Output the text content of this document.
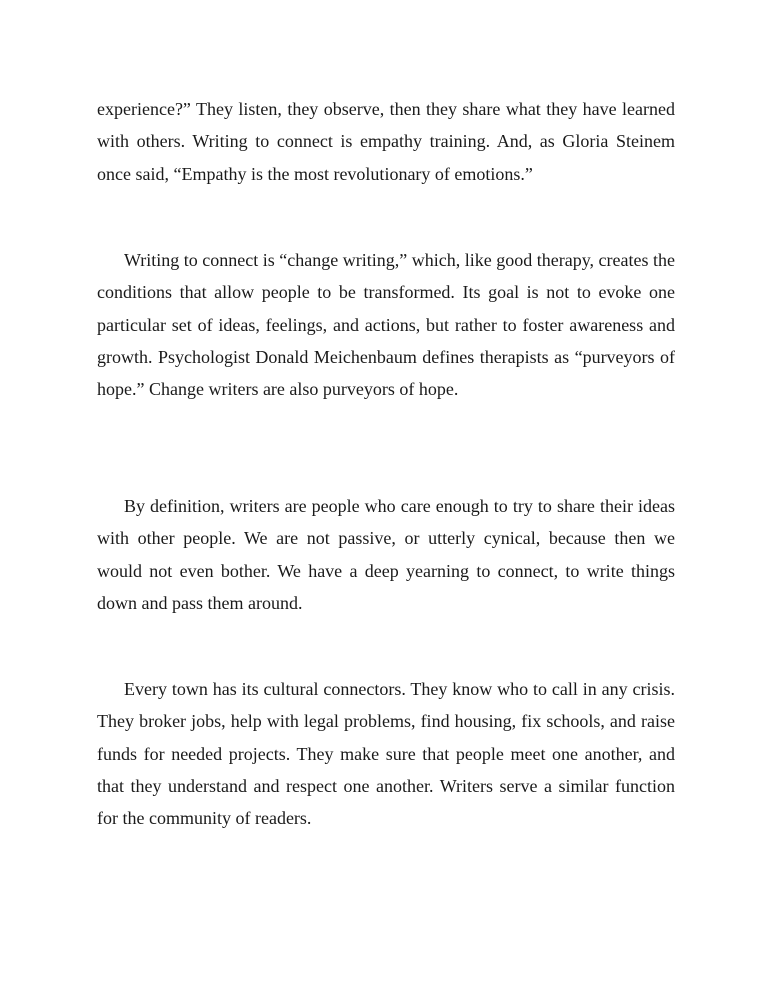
experience?” They listen, they observe, then they share what they have learned with others. Writing to connect is empathy training. And, as Gloria Steinem once said, “Empathy is the most revolutionary of emotions.”

Writing to connect is “change writing,” which, like good therapy, creates the conditions that allow people to be transformed. Its goal is not to evoke one particular set of ideas, feelings, and actions, but rather to foster awareness and growth. Psychologist Donald Meichenbaum defines therapists as “purveyors of hope.” Change writers are also purveyors of hope.

By definition, writers are people who care enough to try to share their ideas with other people. We are not passive, or utterly cynical, because then we would not even bother. We have a deep yearning to connect, to write things down and pass them around.

Every town has its cultural connectors. They know who to call in any crisis. They broker jobs, help with legal problems, find housing, fix schools, and raise funds for needed projects. They make sure that people meet one another, and that they understand and respect one another. Writers serve a similar function for the community of readers.
